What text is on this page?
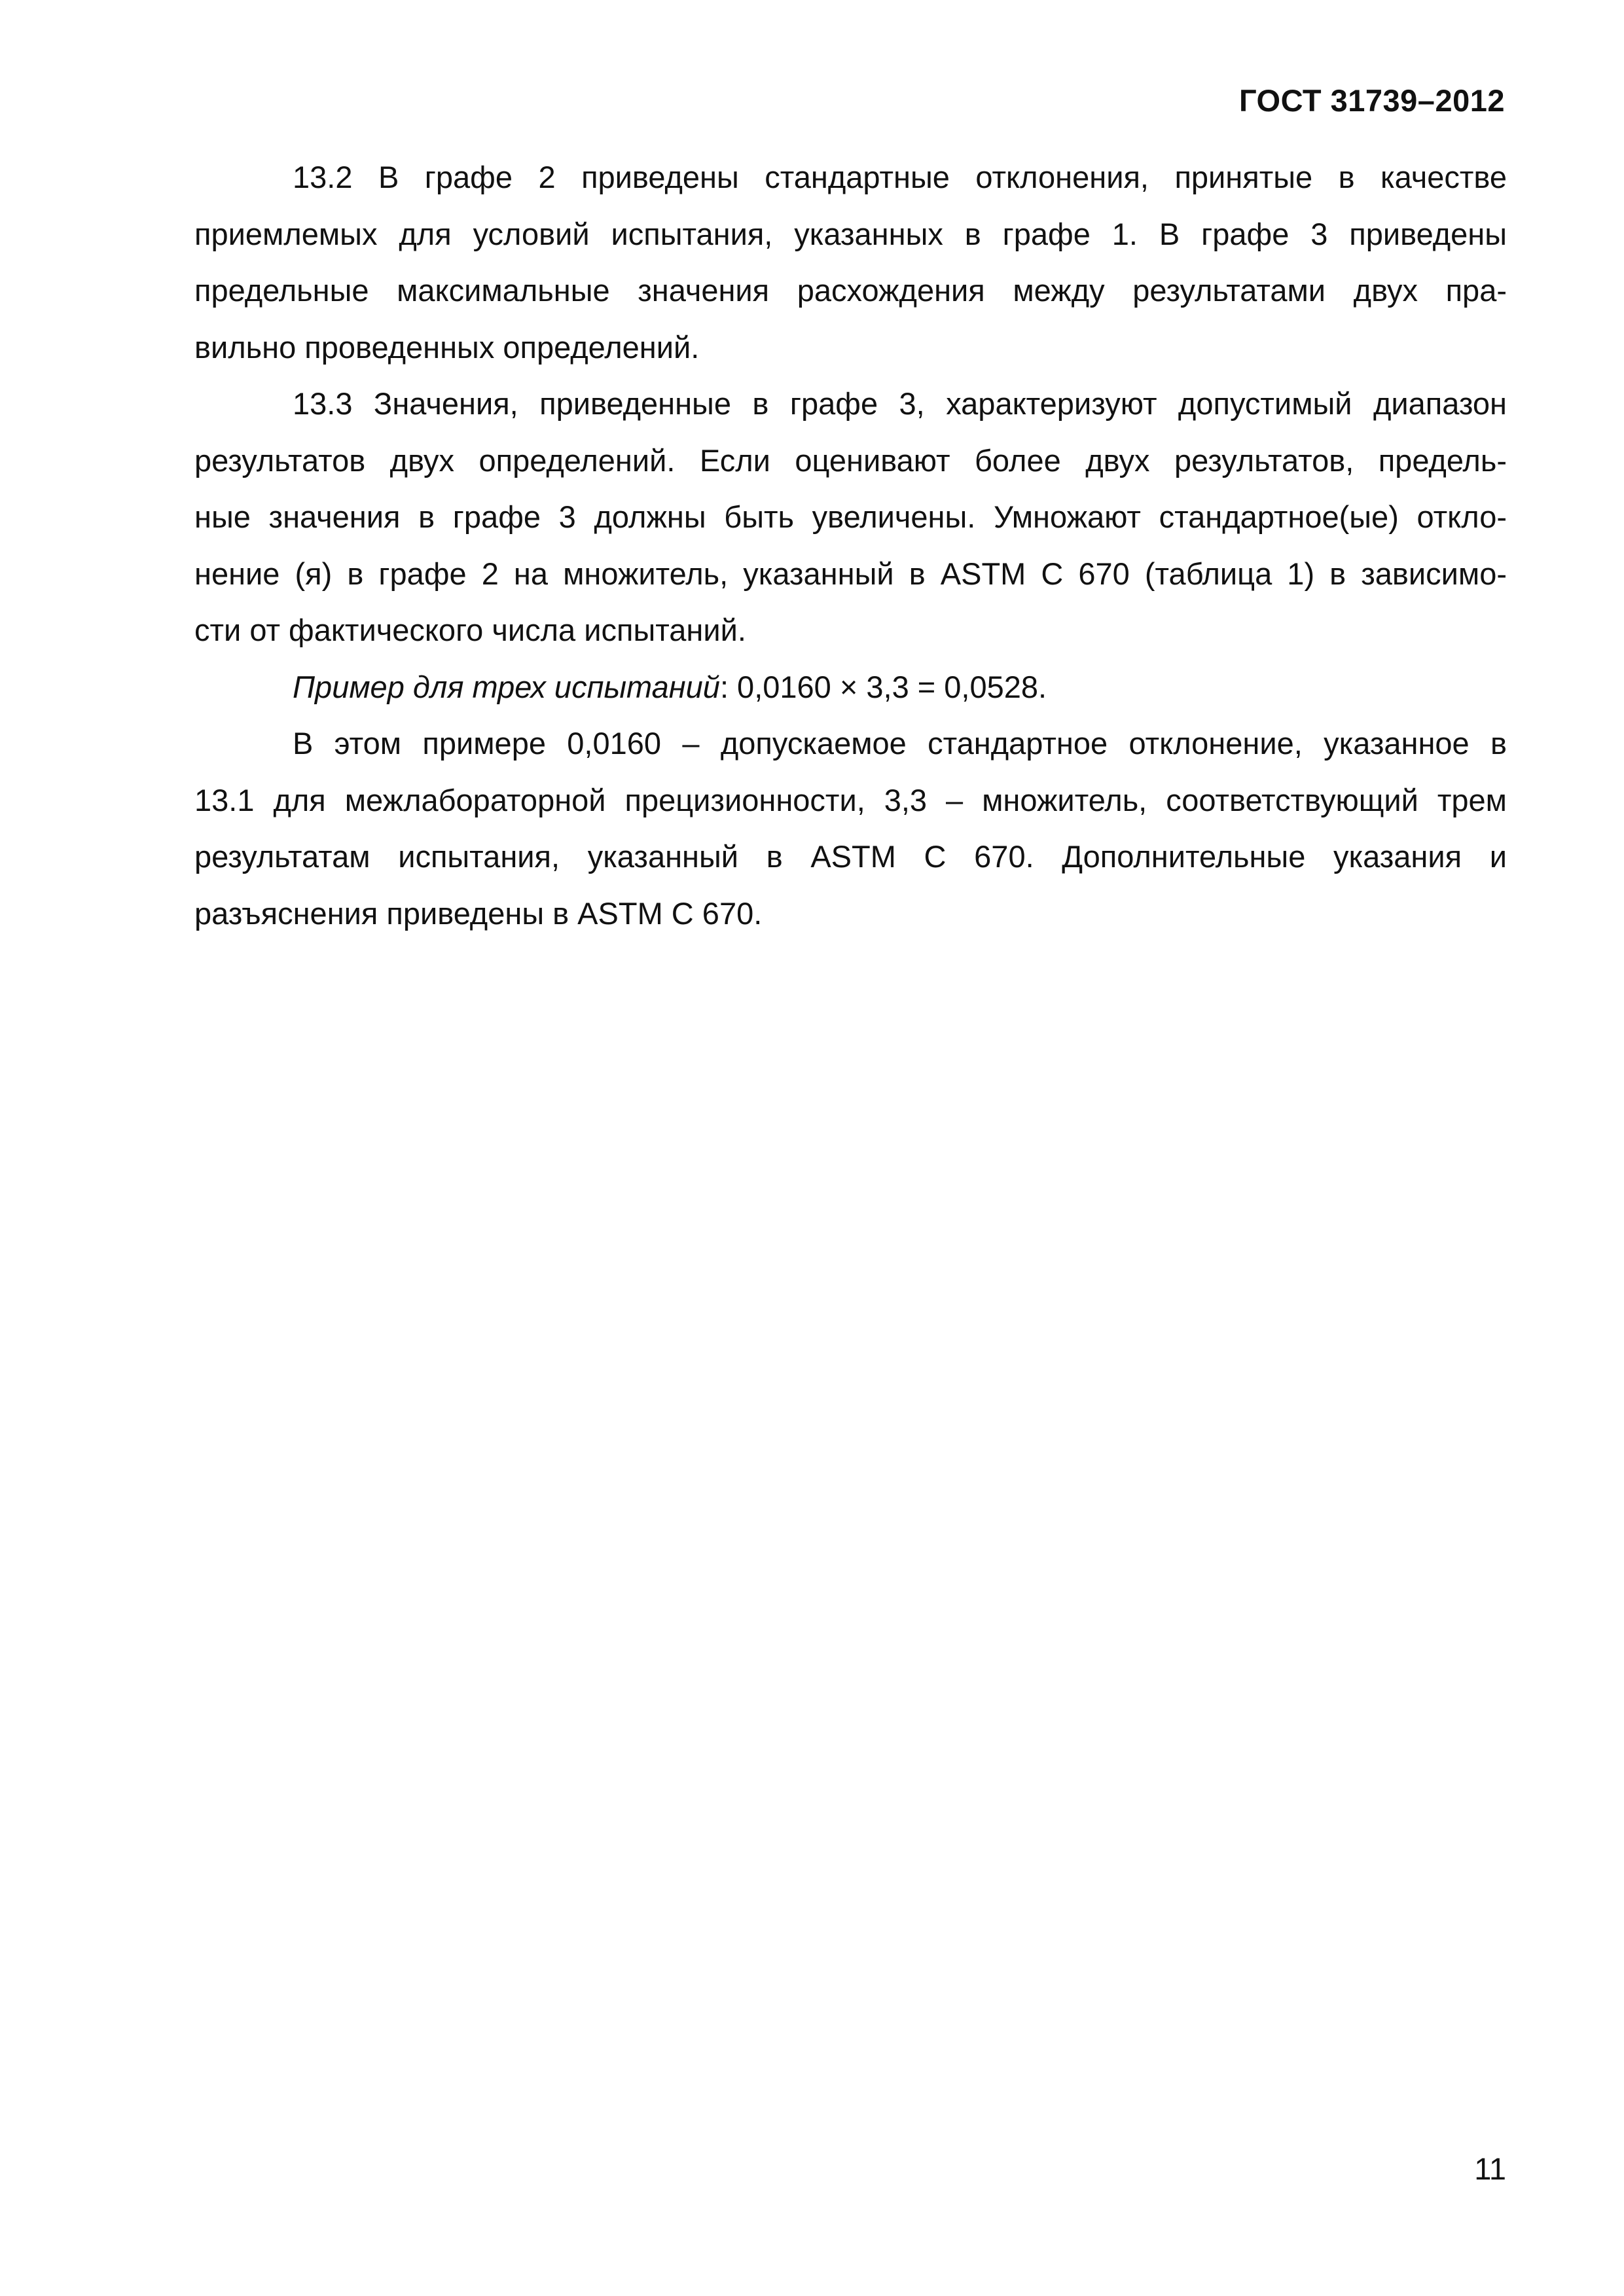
ГОСТ 31739–2012

13.2 В графе 2 приведены стандартные отклонения, принятые в качестве
приемлемых для условий испытания, указанных в графе 1. В графе 3 приведены
предельные максимальные значения расхождения между результатами двух пра-
вильно проведенных определений.

13.3 Значения, приведенные в графе 3, характеризуют допустимый диапазон
результатов двух определений. Если оценивают более двух результатов, предель-
ные значения в графе 3 должны быть увеличены. Умножают стандартное(ые) откло-
нение (я) в графе 2 на множитель, указанный в ASTM C 670 (таблица 1) в зависимо-
сти от фактического числа испытаний.

Пример для трех испытаний: 0,0160 × 3,3 = 0,0528.

В этом примере 0,0160 – допускаемое стандартное отклонение, указанное в
13.1 для межлабораторной прецизионности, 3,3 – множитель, соответствующий трем
результатам испытания, указанный в ASTM C 670. Дополнительные указания и
разъяснения приведены в ASTM C 670.

11
